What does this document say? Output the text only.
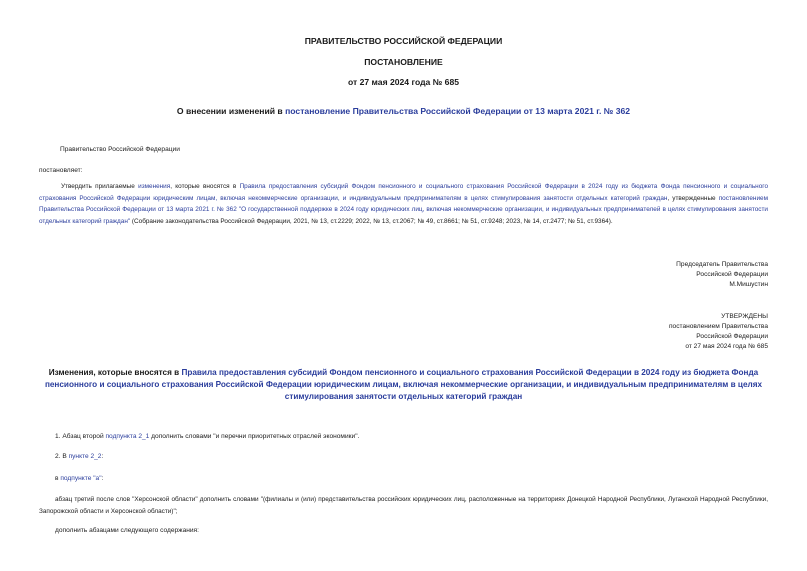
ПРАВИТЕЛЬСТВО РОССИЙСКОЙ ФЕДЕРАЦИИ
ПОСТАНОВЛЕНИЕ
от 27 мая 2024 года № 685
О внесении изменений в постановление Правительства Российской Федерации от 13 марта 2021 г. № 362
Правительство Российской Федерации
постановляет:
Утвердить прилагаемые изменения, которые вносятся в Правила предоставления субсидий Фондом пенсионного и социального страхования Российской Федерации в 2024 году из бюджета Фонда пенсионного и социального страхования Российской Федерации юридическим лицам, включая некоммерческие организации, и индивидуальным предпринимателям в целях стимулирования занятости отдельных категорий граждан, утвержденные постановлением Правительства Российской Федерации от 13 марта 2021 г. № 362 "О государственной поддержке в 2024 году юридических лиц, включая некоммерческие организации, и индивидуальных предпринимателей в целях стимулирования занятости отдельных категорий граждан" (Собрание законодательства Российской Федерации, 2021, № 13, ст.2229; 2022, № 13, ст.2067; № 49, ст.8661; № 51, ст.9248; 2023, № 14, ст.2477; № 51, ст.9364).
Председатель Правительства
Российской Федерации
М.Мишустин
УТВЕРЖДЕНЫ
постановлением Правительства
Российской Федерации
от 27 мая 2024 года № 685
Изменения, которые вносятся в Правила предоставления субсидий Фондом пенсионного и социального страхования Российской Федерации в 2024 году из бюджета Фонда пенсионного и социального страхования Российской Федерации юридическим лицам, включая некоммерческие организации, и индивидуальным предпринимателям в целях стимулирования занятости отдельных категорий граждан
1. Абзац второй подпункта 2_1 дополнить словами "и перечни приоритетных отраслей экономики".
2. В пункте 2_2:
в подпункте "а":
абзац третий после слов "Херсонской области" дополнить словами "(филиалы и (или) представительства российских юридических лиц, расположенные на территориях Донецкой Народной Республики, Луганской Народной Республики, Запорожской области и Херсонской области)";
дополнить абзацами следующего содержания:
